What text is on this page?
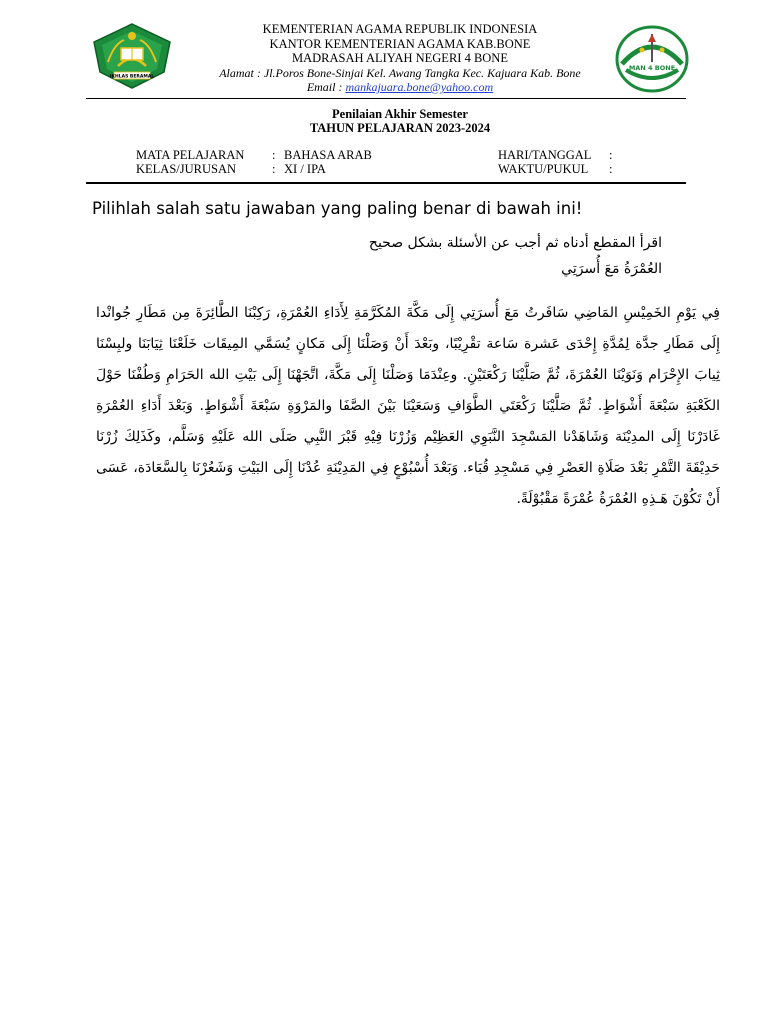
IKHLAS BERAMAL
MAN 4 BONE
KEMENTERIAN AGAMA REPUBLIK INDONESIA
KANTOR KEMENTERIAN AGAMA KAB.BONE
MADRASAH ALIYAH NEGERI 4 BONE
Alamat : Jl.Poros Bone-Sinjai Kel. Awang Tangka Kec. Kajuara Kab. Bone
Email : mankajuara.bone@yahoo.com
Penilaian Akhir Semester
TAHUN PELAJARAN 2023-2024
MATA PELAJARAN : BAHASA ARAB
KELAS/JURUSAN	: XI / IPA
HARI/TANGGAL :
WAKTU/PUKUL :
Pilihlah salah satu jawaban yang paling benar di bawah ini!
اقرأ المقطع أدناه ثم أجب عن الأسئلة بشكل صحيح
العُمْرَةُ مَعَ أُسرَتِي
فِي يَوْمِ الخَمِيْسِ المَاضِي سَافَرتُ مَعَ أُسرَتِي إِلَى مَكَّةَ المُكَرَّمَةِ لِأَدَاءِ العُمْرَةِ، رَكِبْنَا الطَّائِرَةَ مِن مَطَارِ جُوانْدا إِلَى مَطَارِ جدَّة لِمُدَّةِ إِحْدَى عَشرة سَاعة تقْرِيْبًا، وبَعْدَ أَنْ وَصَلْنَا إِلَى مَكانٍ يُسَمَّي المِيقَات خَلَعْنَا ثِيَابَنَا ولبِسْنَا ثِيابَ الإِحْرَام وَنَوَيْنَا العُمْرَةَ، ثُمَّ صَلَّيْنَا رَكْعَتَيْنِ. وعِنْدَمَا وَصَلْنَا إِلَى مَكَّةَ، اتَّجَهْنَا إِلَى بَيْتِ الله الحَرَامِ وَطُفْنَا حَوْلَ الكَعْبَةِ سَبْعَةَ أَشْوَاطٍ. ثُمَّ صَلَّيْنَا رَكْعَتَي الطَّوَافِ وَسَعَيْنَا بَيْنَ الصَّفَا والمَرْوَةِ سَبْعَةَ أَشْوَاطٍ. وَبَعْدَ أَدَاءِ العُمْرَةِ غَادَرْنَا إِلَى المدِيْنَة وَشَاهَدْنا المَسْجِدَ النَّبَوِي العَظِيْم وَزُرْنَا فِيْهِ قَبْرَ النَّبِي صَلَى الله عَلَيْهِ وَسَلَّم، وكَذَلِكَ زُرْنَا حَدِيْقَةَ التَّمْرِ بَعْدَ صَلَاةِ العَصْرِ فِي مَسْجِدِ قُبَاء. وَبَعْدَ أُسْبُوْعٍ فِي المَدِيْنَةِ عُدْنَا إِلَى البَيْتِ وَشَعُرْنَا بِالسَّعَادَة، عَسَى أَنْ تَكُوْنَ هَـذِهِ العُمْرَةُ عُمْرَةً مَقْبُوْلَةً.
